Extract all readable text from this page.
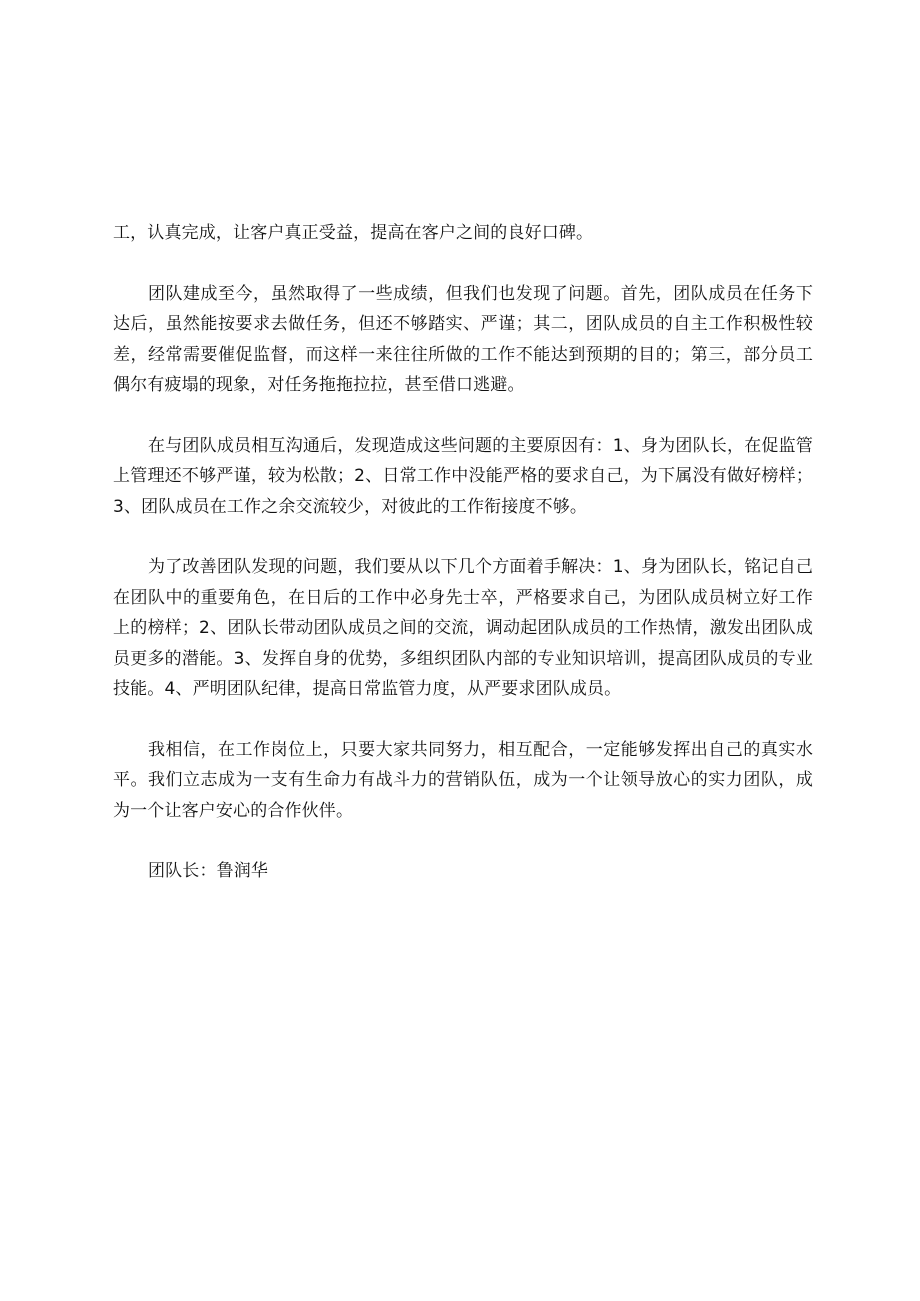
工，认真完成，让客户真正受益，提高在客户之间的良好口碑。

团队建成至今，虽然取得了一些成绩，但我们也发现了问题。首先，团队成员在任务下达后，虽然能按要求去做任务，但还不够踏实、严谨；其二，团队成员的自主工作积极性较差，经常需要催促监督，而这样一来往往所做的工作不能达到预期的目的；第三，部分员工偶尔有疲塌的现象，对任务拖拖拉拉，甚至借口逃避。

在与团队成员相互沟通后，发现造成这些问题的主要原因有：1、身为团队长，在促监管上管理还不够严谨，较为松散；2、日常工作中没能严格的要求自己，为下属没有做好榜样；3、团队成员在工作之余交流较少，对彼此的工作衔接度不够。

为了改善团队发现的问题，我们要从以下几个方面着手解决：1、身为团队长，铭记自己在团队中的重要角色，在日后的工作中必身先士卒，严格要求自己，为团队成员树立好工作上的榜样；2、团队长带动团队成员之间的交流，调动起团队成员的工作热情，激发出团队成员更多的潜能。3、发挥自身的优势，多组织团队内部的专业知识培训，提高团队成员的专业技能。4、严明团队纪律，提高日常监管力度，从严要求团队成员。

我相信，在工作岗位上，只要大家共同努力，相互配合，一定能够发挥出自己的真实水平。我们立志成为一支有生命力有战斗力的营销队伍，成为一个让领导放心的实力团队，成为一个让客户安心的合作伙伴。

团队长：鲁润华
